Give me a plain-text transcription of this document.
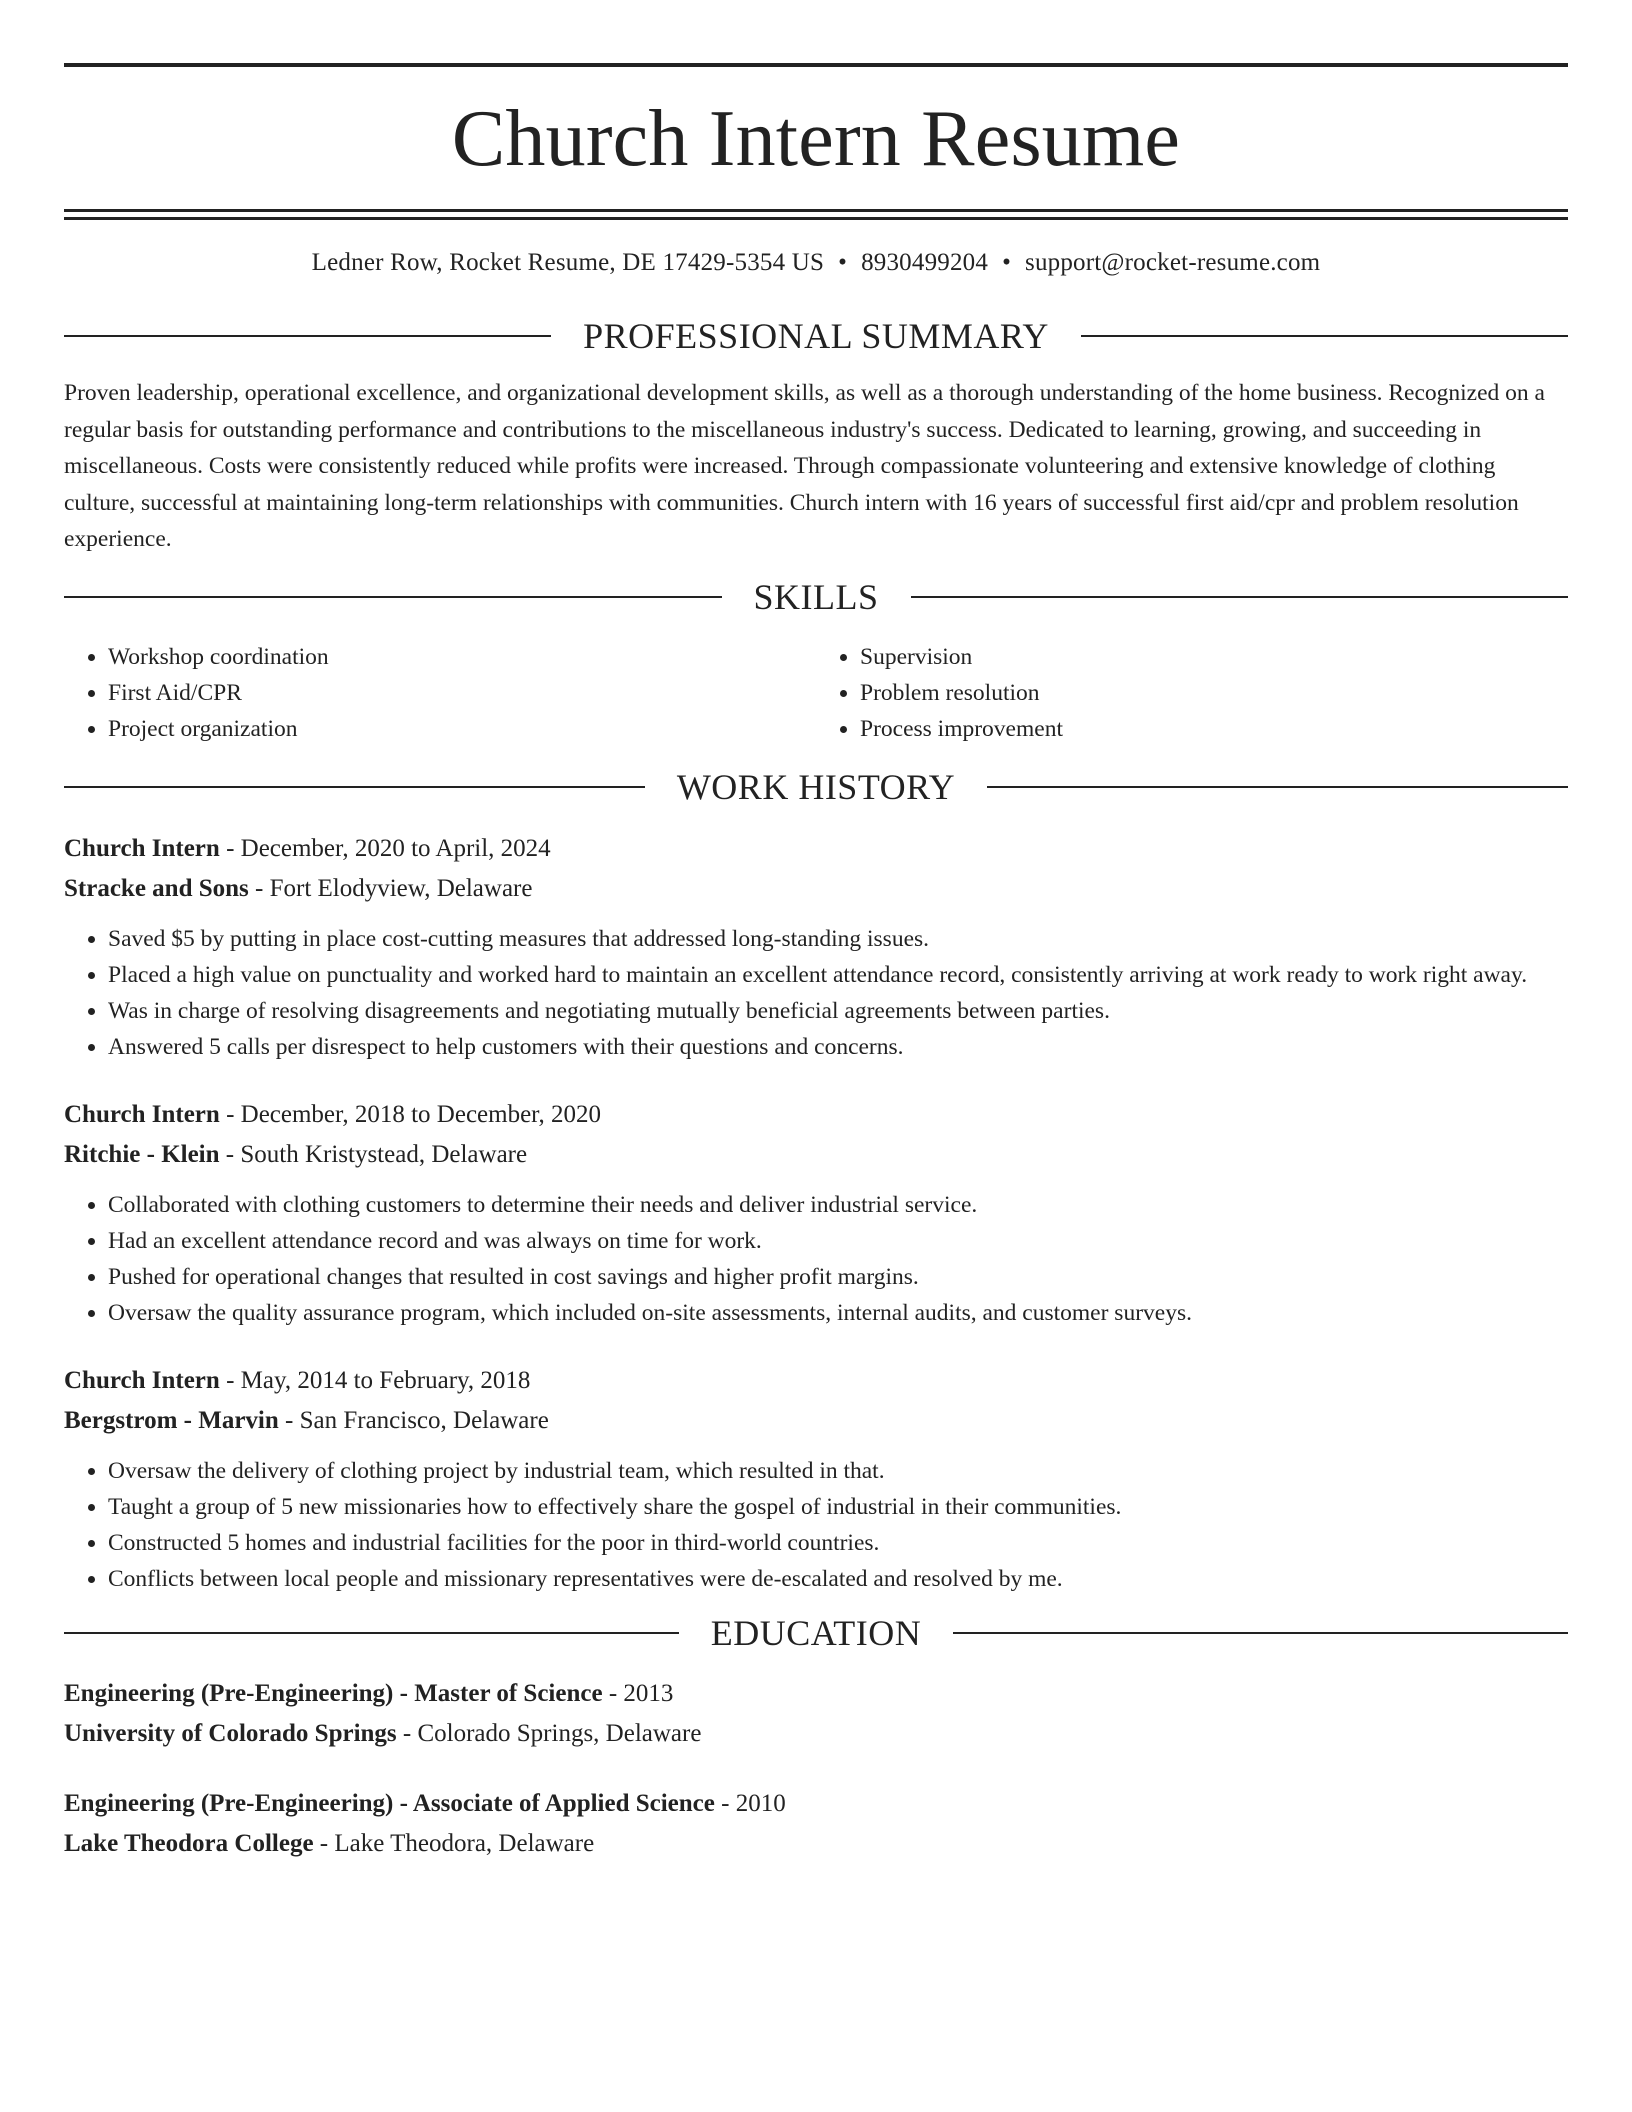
Church Intern Resume
Ledner Row, Rocket Resume, DE 17429-5354 US • 8930499204 • support@rocket-resume.com
PROFESSIONAL SUMMARY

Proven leadership, operational excellence, and organizational development skills, as well as a thorough understanding of the home business. Recognized on a regular basis for outstanding performance and contributions to the miscellaneous industry's success. Dedicated to learning, growing, and succeeding in miscellaneous. Costs were consistently reduced while profits were increased. Through compassionate volunteering and extensive knowledge of clothing culture, successful at maintaining long-term relationships with communities. Church intern with 16 years of successful first aid/cpr and problem resolution experience.

SKILLS
• Workshop coordination
• First Aid/CPR
• Project organization
• Supervision
• Problem resolution
• Process improvement
WORK HISTORY
Church Intern - December, 2020 to April, 2024
Stracke and Sons - Fort Elodyview, Delaware
• Saved $5 by putting in place cost-cutting measures that addressed long-standing issues.
• Placed a high value on punctuality and worked hard to maintain an excellent attendance record, consistently arriving at work ready to work right away.
• Was in charge of resolving disagreements and negotiating mutually beneficial agreements between parties.
• Answered 5 calls per disrespect to help customers with their questions and concerns.
Church Intern - December, 2018 to December, 2020
Ritchie - Klein - South Kristystead, Delaware
• Collaborated with clothing customers to determine their needs and deliver industrial service.
• Had an excellent attendance record and was always on time for work.
• Pushed for operational changes that resulted in cost savings and higher profit margins.
• Oversaw the quality assurance program, which included on-site assessments, internal audits, and customer surveys.
Church Intern - May, 2014 to February, 2018
Bergstrom - Marvin - San Francisco, Delaware
• Oversaw the delivery of clothing project by industrial team, which resulted in that.
• Taught a group of 5 new missionaries how to effectively share the gospel of industrial in their communities.
• Constructed 5 homes and industrial facilities for the poor in third-world countries.
• Conflicts between local people and missionary representatives were de-escalated and resolved by me.
EDUCATION
Engineering (Pre-Engineering) - Master of Science - 2013
University of Colorado Springs - Colorado Springs, Delaware
Engineering (Pre-Engineering) - Associate of Applied Science - 2010
Lake Theodora College - Lake Theodora, Delaware
